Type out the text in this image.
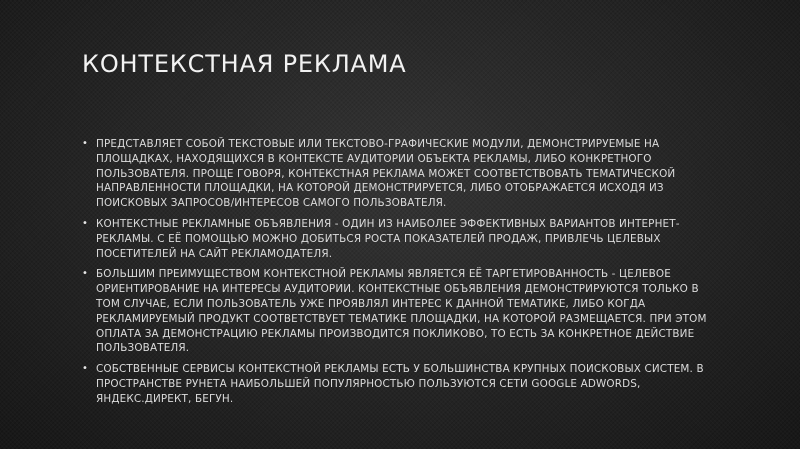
КОНТЕКСТНАЯ РЕКЛАМА
• ПРЕДСТАВЛЯЕТ СОБОЙ ТЕКСТОВЫЕ ИЛИ ТЕКСТОВО-ГРАФИЧЕСКИЕ МОДУЛИ, ДЕМОНСТРИРУЕМЫЕ НА ПЛОЩАДКАХ, НАХОДЯЩИХСЯ В КОНТЕКСТЕ АУДИТОРИИ ОБЪЕКТА РЕКЛАМЫ, ЛИБО КОНКРЕТНОГО ПОЛЬЗОВАТЕЛЯ. ПРОЩЕ ГОВОРЯ, КОНТЕКСТНАЯ РЕКЛАМА МОЖЕТ СООТВЕТСТВОВАТЬ ТЕМАТИЧЕСКОЙ НАПРАВЛЕННОСТИ ПЛОЩАДКИ, НА КОТОРОЙ ДЕМОНСТРИРУЕТСЯ, ЛИБО ОТОБРАЖАЕТСЯ ИСХОДЯ ИЗ ПОИСКОВЫХ ЗАПРОСОВ/ИНТЕРЕСОВ САМОГО ПОЛЬЗОВАТЕЛЯ.
• КОНТЕКСТНЫЕ РЕКЛАМНЫЕ ОБЪЯВЛЕНИЯ - ОДИН ИЗ НАИБОЛЕЕ ЭФФЕКТИВНЫХ ВАРИАНТОВ ИНТЕРНЕТ-РЕКЛАМЫ. С ЕЁ ПОМОЩЬЮ МОЖНО ДОБИТЬСЯ РОСТА ПОКАЗАТЕЛЕЙ ПРОДАЖ, ПРИВЛЕЧЬ ЦЕЛЕВЫХ ПОСЕТИТЕЛЕЙ НА САЙТ РЕКЛАМОДАТЕЛЯ.
• БОЛЬШИМ ПРЕИМУЩЕСТВОМ КОНТЕКСТНОЙ РЕКЛАМЫ ЯВЛЯЕТСЯ ЕЁ ТАРГЕТИРОВАННОСТЬ - ЦЕЛЕВОЕ ОРИЕНТИРОВАНИЕ НА ИНТЕРЕСЫ АУДИТОРИИ. КОНТЕКСТНЫЕ ОБЪЯВЛЕНИЯ ДЕМОНСТРИРУЮТСЯ ТОЛЬКО В ТОМ СЛУЧАЕ, ЕСЛИ ПОЛЬЗОВАТЕЛЬ УЖЕ ПРОЯВЛЯЛ ИНТЕРЕС К ДАННОЙ ТЕМАТИКЕ, ЛИБО КОГДА РЕКЛАМИРУЕМЫЙ ПРОДУКТ СООТВЕТСТВУЕТ ТЕМАТИКЕ ПЛОЩАДКИ, НА КОТОРОЙ РАЗМЕЩАЕТСЯ. ПРИ ЭТОМ ОПЛАТА ЗА ДЕМОНСТРАЦИЮ РЕКЛАМЫ ПРОИЗВОДИТСЯ ПОКЛИКОВО, ТО ЕСТЬ ЗА КОНКРЕТНОЕ ДЕЙСТВИЕ ПОЛЬЗОВАТЕЛЯ.
• СОБСТВЕННЫЕ СЕРВИСЫ КОНТЕКСТНОЙ РЕКЛАМЫ ЕСТЬ У БОЛЬШИНСТВА КРУПНЫХ ПОИСКОВЫХ СИСТЕМ. В ПРОСТРАНСТВЕ РУНЕТА НАИБОЛЬШЕЙ ПОПУЛЯРНОСТЬЮ ПОЛЬЗУЮТСЯ СЕТИ GOOGLE ADWORDS, ЯНДЕКС.ДИРЕКТ, БЕГУН.
